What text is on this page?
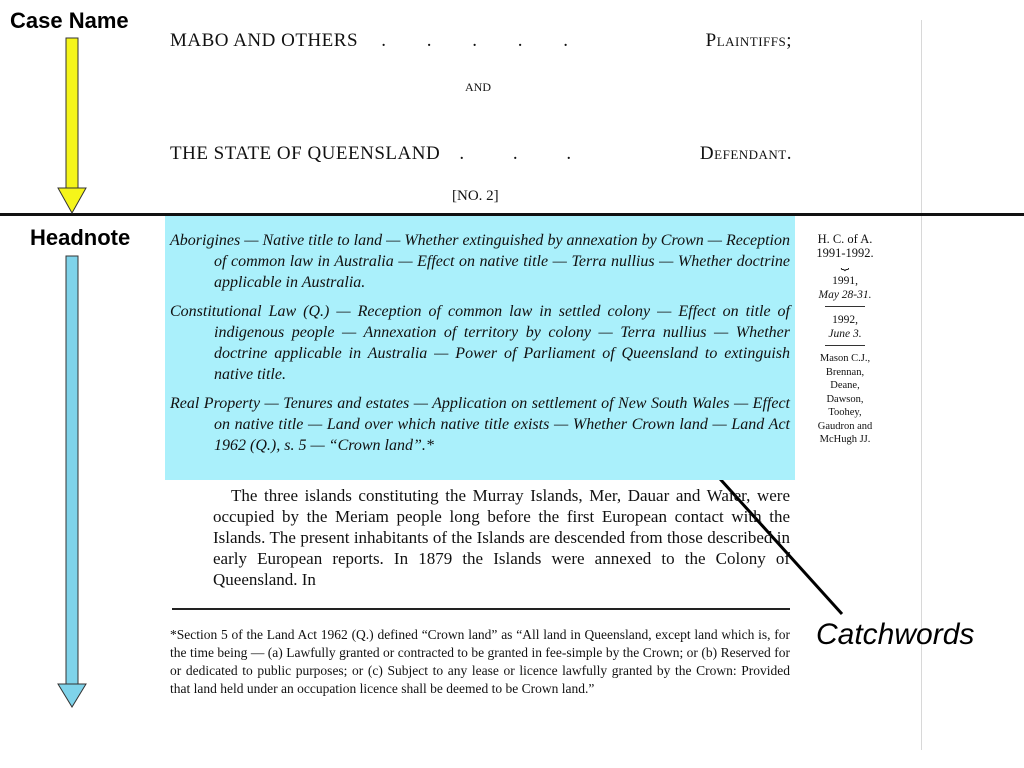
Case Name
Headnote
Catchwords
MABO AND OTHERS . . . . .	Plaintiffs;
AND
THE STATE OF QUEENSLAND . . .	Defendant.
[NO. 2]

Aborigines — Native title to land — Whether extinguished by annexation by Crown — Reception of common law in Australia — Effect on native title — Terra nullius — Whether doctrine applicable in Australia.

Constitutional Law (Q.) — Reception of common law in settled colony — Effect on title of indigenous people — Annexation of territory by colony — Terra nullius — Whether doctrine applicable in Australia — Power of Parliament of Queensland to extinguish native title.

Real Property — Tenures and estates — Application on settlement of New South Wales — Effect on native title — Land over which native title exists — Whether Crown land — Land Act 1962 (Q.), s. 5 — “Crown land”.*

The three islands constituting the Murray Islands, Mer, Dauar and Waier, were occupied by the Meriam people long before the first European contact with the Islands. The present inhabitants of the Islands are descended from those described in early European reports. In 1879 the Islands were annexed to the Colony of Queensland. In

*Section 5 of the Land Act 1962 (Q.) defined “Crown land” as “All land in Queensland, except land which is, for the time being — (a) Lawfully granted or contracted to be granted in fee-simple by the Crown; or (b) Reserved for or dedicated to public purposes; or (c) Subject to any lease or licence lawfully granted by the Crown: Provided that land held under an occupation licence shall be deemed to be Crown land.”
H. C. of A.
1991-1992.
⏟
1991,
May 28-31.
1992,
June 3.
Mason C.J.,
Brennan,
Deane,
Dawson,
Toohey,
Gaudron and
McHugh JJ.
